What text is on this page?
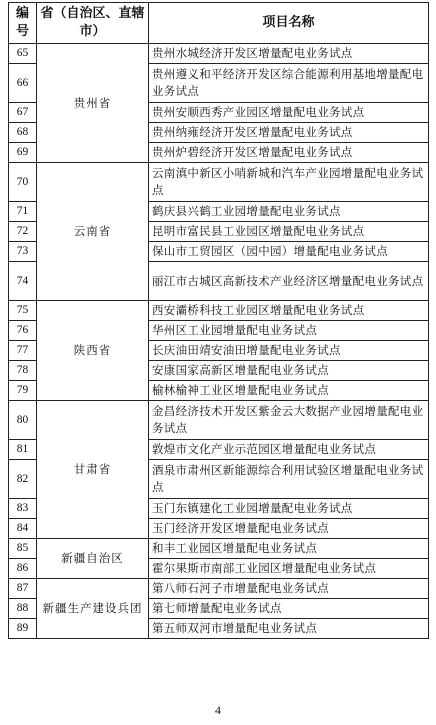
编号	省（自治区、直辖市）	项目名称
65	贵州省	贵州水城经济开发区增量配电业务试点
66		贵州遵义和平经济开发区综合能源利用基地增量配电业务试点
67		贵州安顺西秀产业园区增量配电业务试点
68		贵州纳雍经济开发区增量配电业务试点
69		贵州炉碧经济开发区增量配电业务试点
70	云南省	云南滇中新区小哨新城和汽车产业园增量配电业务试点
71		鹤庆县兴鹤工业园增量配电业务试点
72		昆明市富民县工业园区增量配电业务试点
73		保山市工贸园区（园中园）增量配电业务试点
74		丽江市古城区高新技术产业经济区增量配电业务试点
75	陕西省	西安灞桥科技工业园区增量配电业务试点
76		华州区工业园增量配电业务试点
77		长庆油田靖安油田增量配电业务试点
78		安康国家高新区增量配电业务试点
79		榆林榆神工业区增量配电业务试点
80	甘肃省	金昌经济技术开发区紫金云大数据产业园增量配电业务试点
81		敦煌市文化产业示范园区增量配电业务试点
82		酒泉市肃州区新能源综合利用试验区增量配电业务试点
83		玉门东镇建化工业园增量配电业务试点
84		玉门经济开发区增量配电业务试点
85	新疆自治区	和丰工业园区增量配电业务试点
86		霍尔果斯市南部工业园区增量配电业务试点
87	新疆生产建设兵团	第八师石河子市增量配电业务试点
88		第七师增量配电业务试点
89		第五师双河市增量配电业务试点
4
